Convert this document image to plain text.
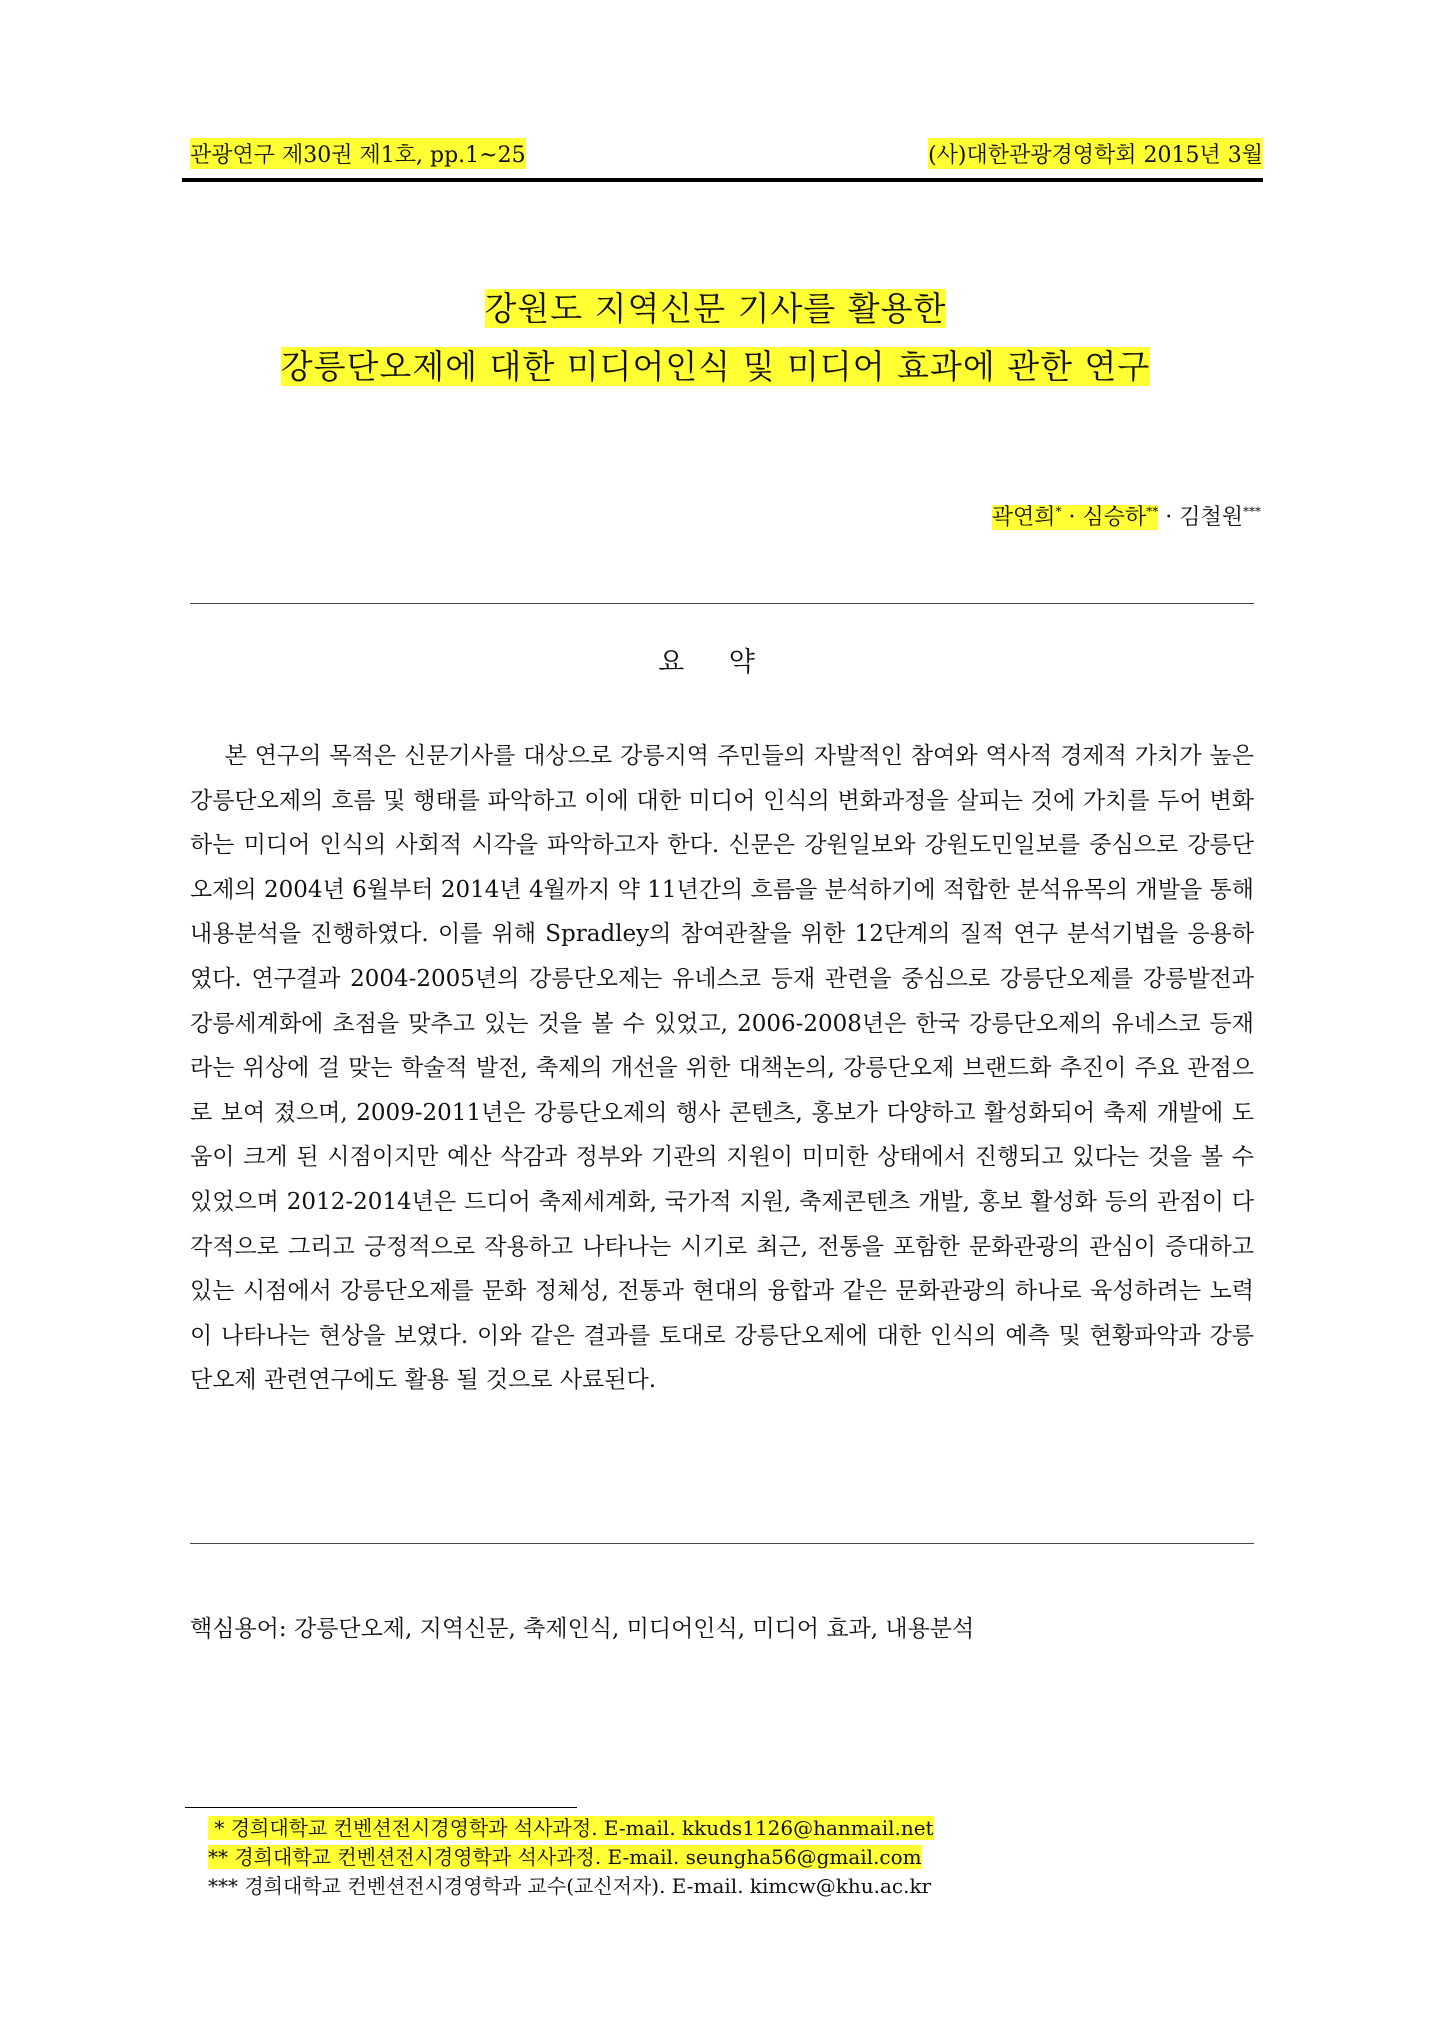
관광연구 제30권 제1호, pp.1~25	(사)대한관광경영학회 2015년 3월
강원도 지역신문 기사를 활용한
강릉단오제에 대한 미디어인식 및 미디어 효과에 관한 연구
곽연희* · 심승하** · 김철원***
요 약

본 연구의 목적은 신문기사를 대상으로 강릉지역 주민들의 자발적인 참여와 역사적 경제적 가치가 높은 강릉단오제의 흐름 및 행태를 파악하고 이에 대한 미디어 인식의 변화과정을 살피는 것에 가치를 두어 변화하는 미디어 인식의 사회적 시각을 파악하고자 한다. 신문은 강원일보와 강원도민일보를 중심으로 강릉단오제의 2004년 6월부터 2014년 4월까지 약 11년간의 흐름을 분석하기에 적합한 분석유목의 개발을 통해 내용분석을 진행하였다. 이를 위해 Spradley의 참여관찰을 위한 12단계의 질적 연구 분석기법을 응용하였다. 연구결과 2004-2005년의 강릉단오제는 유네스코 등재 관련을 중심으로 강릉단오제를 강릉발전과 강릉세계화에 초점을 맞추고 있는 것을 볼 수 있었고, 2006-2008년은 한국 강릉단오제의 유네스코 등재라는 위상에 걸 맞는 학술적 발전, 축제의 개선을 위한 대책논의, 강릉단오제 브랜드화 추진이 주요 관점으로 보여 졌으며, 2009-2011년은 강릉단오제의 행사 콘텐츠, 홍보가 다양하고 활성화되어 축제 개발에 도움이 크게 된 시점이지만 예산 삭감과 정부와 기관의 지원이 미미한 상태에서 진행되고 있다는 것을 볼 수 있었으며 2012-2014년은 드디어 축제세계화, 국가적 지원, 축제콘텐츠 개발, 홍보 활성화 등의 관점이 다각적으로 그리고 긍정적으로 작용하고 나타나는 시기로 최근, 전통을 포함한 문화관광의 관심이 증대하고 있는 시점에서 강릉단오제를 문화 정체성, 전통과 현대의 융합과 같은 문화관광의 하나로 육성하려는 노력이 나타나는 현상을 보였다. 이와 같은 결과를 토대로 강릉단오제에 대한 인식의 예측 및 현황파악과 강릉단오제 관련연구에도 활용 될 것으로 사료된다.

핵심용어: 강릉단오제, 지역신문, 축제인식, 미디어인식, 미디어 효과, 내용분석
* 경희대학교 컨벤션전시경영학과 석사과정. E-mail. kkuds1126@hanmail.net
** 경희대학교 컨벤션전시경영학과 석사과정. E-mail. seungha56@gmail.com
*** 경희대학교 컨벤션전시경영학과 교수(교신저자). E-mail. kimcw@khu.ac.kr
